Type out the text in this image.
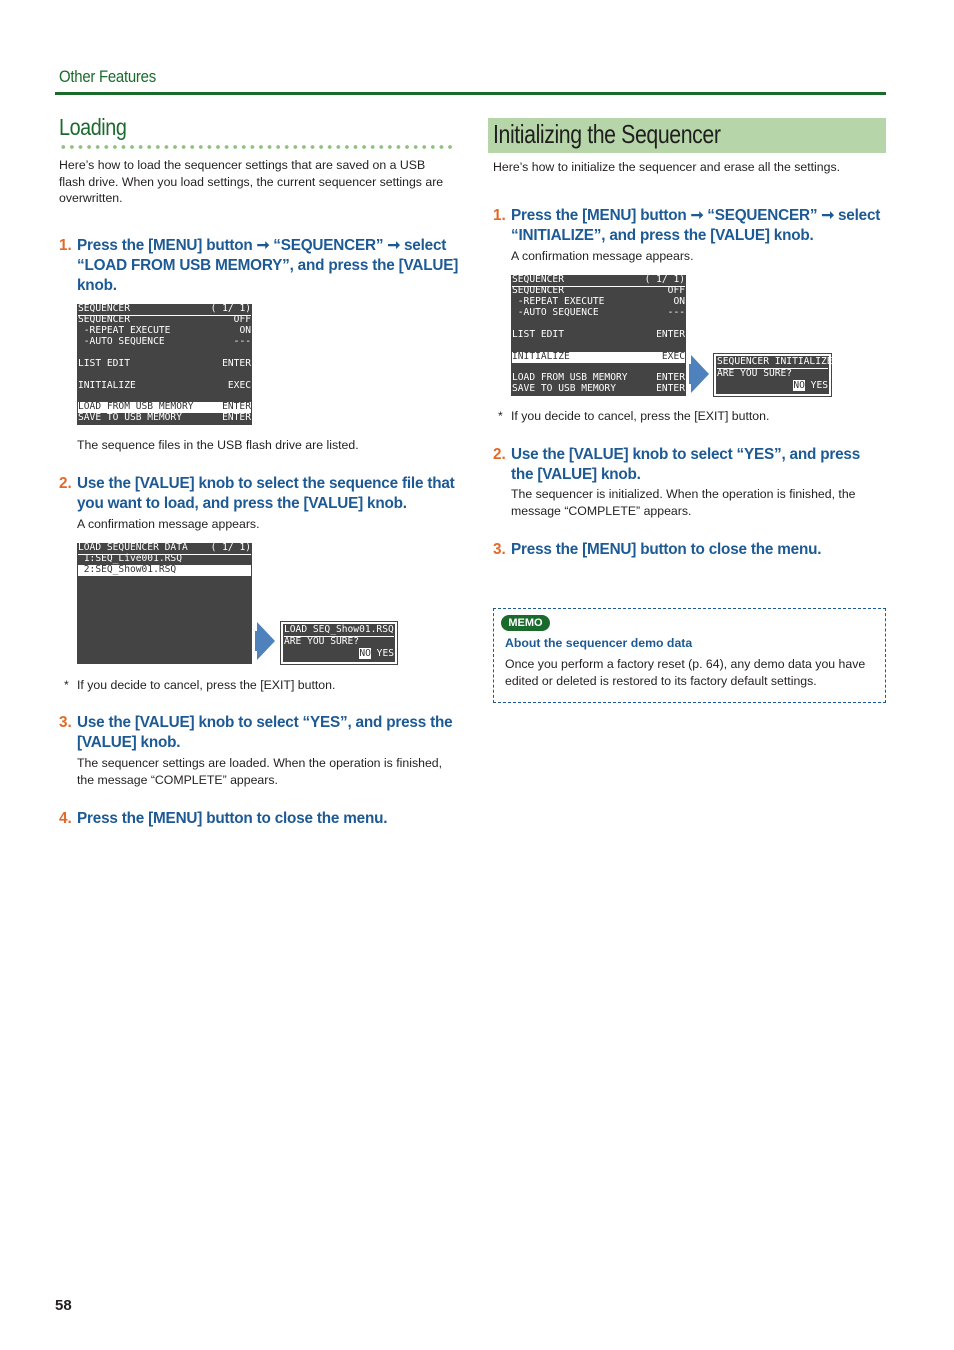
Other Features
Loading
Here’s how to load the sequencer settings that are saved on a USB flash drive. When you load settings, the current sequencer settings are overwritten.
1. Press the [MENU] button ➞ “SEQUENCER” ➞ select “LOAD FROM USB MEMORY”, and press the [VALUE] knob.
SEQUENCER	( 1/ 1)
SEQUENCER	OFF
-REPEAT EXECUTE	ON
-AUTO SEQUENCE	---
LIST EDIT	ENTER
INITIALIZE	EXEC
LOAD FROM USB MEMORY	ENTER
SAVE TO USB MEMORY	ENTER
The sequence files in the USB flash drive are listed.
2. Use the [VALUE] knob to select the sequence file that you want to load, and press the [VALUE] knob.
A confirmation message appears.
LOAD SEQUENCER DATA ( 1/ 1)
1:SEQ_Live001.RSQ
2:SEQ_Show01.RSQ
LOAD SEQ_Show01.RSQ
ARE YOU SURE?
NO YES
* If you decide to cancel, press the [EXIT] button.
3. Use the [VALUE] knob to select “YES”, and press the [VALUE] knob.
The sequencer settings are loaded. When the operation is finished, the message “COMPLETE” appears.
4. Press the [MENU] button to close the menu.
Initializing the Sequencer
Here’s how to initialize the sequencer and erase all the settings.
1. Press the [MENU] button ➞ “SEQUENCER” ➞ select “INITIALIZE”, and press the [VALUE] knob.
A confirmation message appears.
SEQUENCER	( 1/ 1)
SEQUENCER	OFF
-REPEAT EXECUTE	ON
-AUTO SEQUENCE	---
LIST EDIT	ENTER
INITIALIZE	EXEC
LOAD FROM USB MEMORY	ENTER
SAVE TO USB MEMORY	ENTER
SEQUENCER INITIALIZE
ARE YOU SURE?
NO YES
* If you decide to cancel, press the [EXIT] button.
2. Use the [VALUE] knob to select “YES”, and press the [VALUE] knob.
The sequencer is initialized. When the operation is finished, the message “COMPLETE” appears.
3. Press the [MENU] button to close the menu.
MEMO
About the sequencer demo data
Once you perform a factory reset (p. 64), any demo data you have edited or deleted is restored to its factory default settings.
58
